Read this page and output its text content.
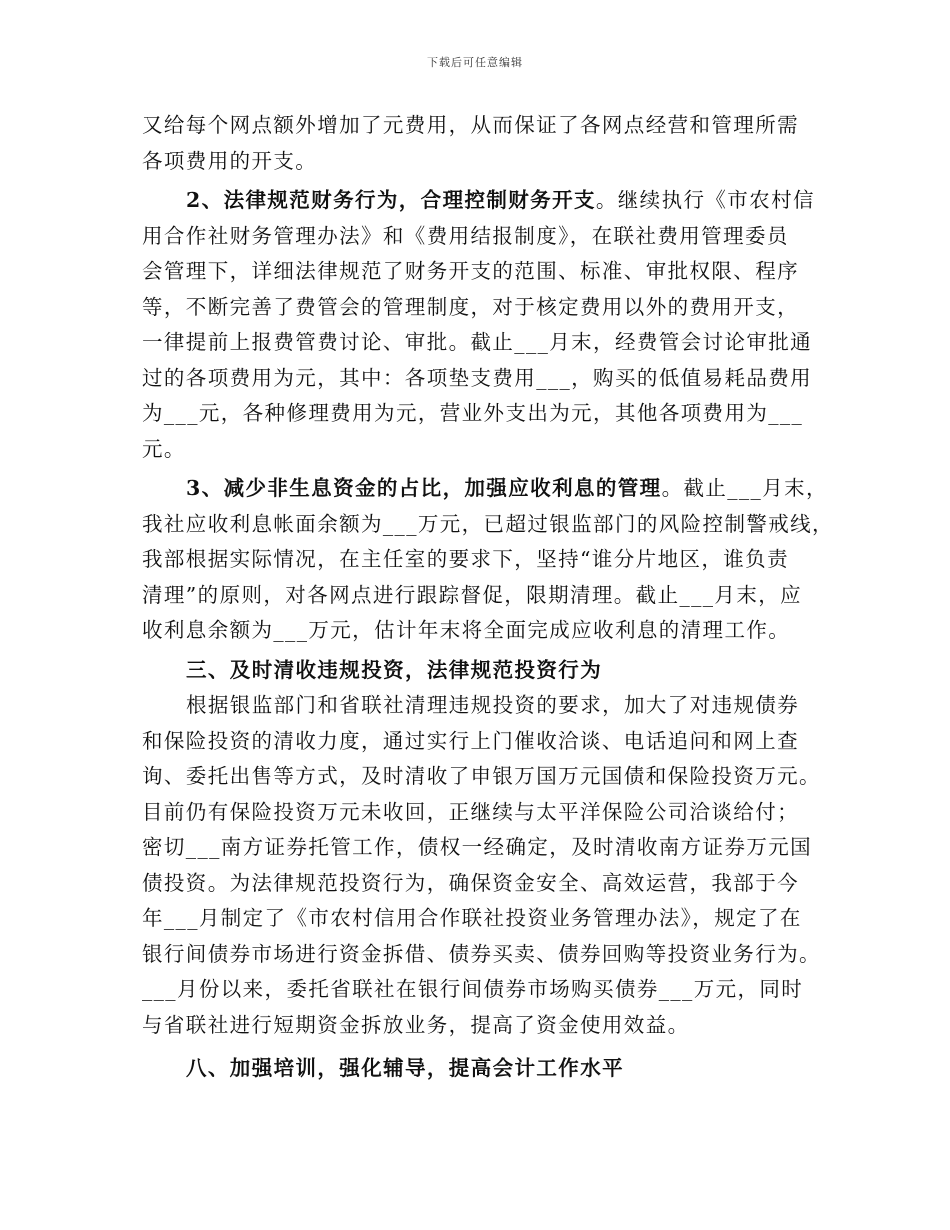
下载后可任意编辑
又给每个网点额外增加了元费用，从而保证了各网点经营和管理所需
各项费用的开支。
2、法律规范财务行为，合理控制财务开支。继续执行《市农村信
用合作社财务管理办法》和《费用结报制度》，在联社费用管理委员
会管理下，详细法律规范了财务开支的范围、标准、审批权限、程序
等，不断完善了费管会的管理制度，对于核定费用以外的费用开支，
一律提前上报费管费讨论、审批。截止___月末，经费管会讨论审批通
过的各项费用为元，其中：各项垫支费用___，购买的低值易耗品费用
为___元，各种修理费用为元，营业外支出为元，其他各项费用为___
元。
3、减少非生息资金的占比，加强应收利息的管理。截止___月末，
我社应收利息帐面余额为___万元，已超过银监部门的风险控制警戒线，
我部根据实际情况，在主任室的要求下，坚持“谁分片地区，谁负责
清理”的原则，对各网点进行跟踪督促，限期清理。截止___月末，应
收利息余额为___万元，估计年末将全面完成应收利息的清理工作。
三、及时清收违规投资，法律规范投资行为
根据银监部门和省联社清理违规投资的要求，加大了对违规债券
和保险投资的清收力度，通过实行上门催收洽谈、电话追问和网上查
询、委托出售等方式，及时清收了申银万国万元国债和保险投资万元。
目前仍有保险投资万元未收回，正继续与太平洋保险公司洽谈给付；
密切___南方证券托管工作，债权一经确定，及时清收南方证券万元国
债投资。为法律规范投资行为，确保资金安全、高效运营，我部于今
年___月制定了《市农村信用合作联社投资业务管理办法》，规定了在
银行间债券市场进行资金拆借、债券买卖、债券回购等投资业务行为。
___月份以来，委托省联社在银行间债券市场购买债券___万元，同时
与省联社进行短期资金拆放业务，提高了资金使用效益。
八、加强培训，强化辅导，提高会计工作水平
